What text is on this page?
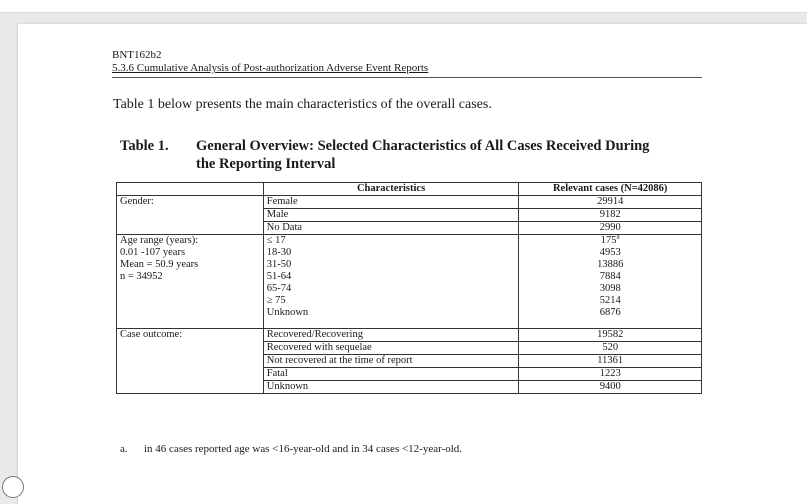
BNT162b2
5.3.6 Cumulative Analysis of Post-authorization Adverse Event Reports
Table 1 below presents the main characteristics of the overall cases.
Table 1. General Overview: Selected Characteristics of All Cases Received During
the Reporting Interval
	Characteristics	Relevant cases (N=42086)
Gender:	Female	29914
	Male	9182
	No Data	2990

Age range (years):
0.01 -107 years
Mean = 50.9 years
n = 34952	≤ 17	175$^a$
	18-30	4953
	31-50	13886
	51-64	7884
	65-74	3098
	≥ 75	5214
	Unknown	6876

Case outcome:	Recovered/Recovering	19582
	Recovered with sequelae	520
	Not recovered at the time of report	11361
	Fatal	1223
	Unknown	9400
a. in 46 cases reported age was <16-year-old and in 34 cases <12-year-old.
